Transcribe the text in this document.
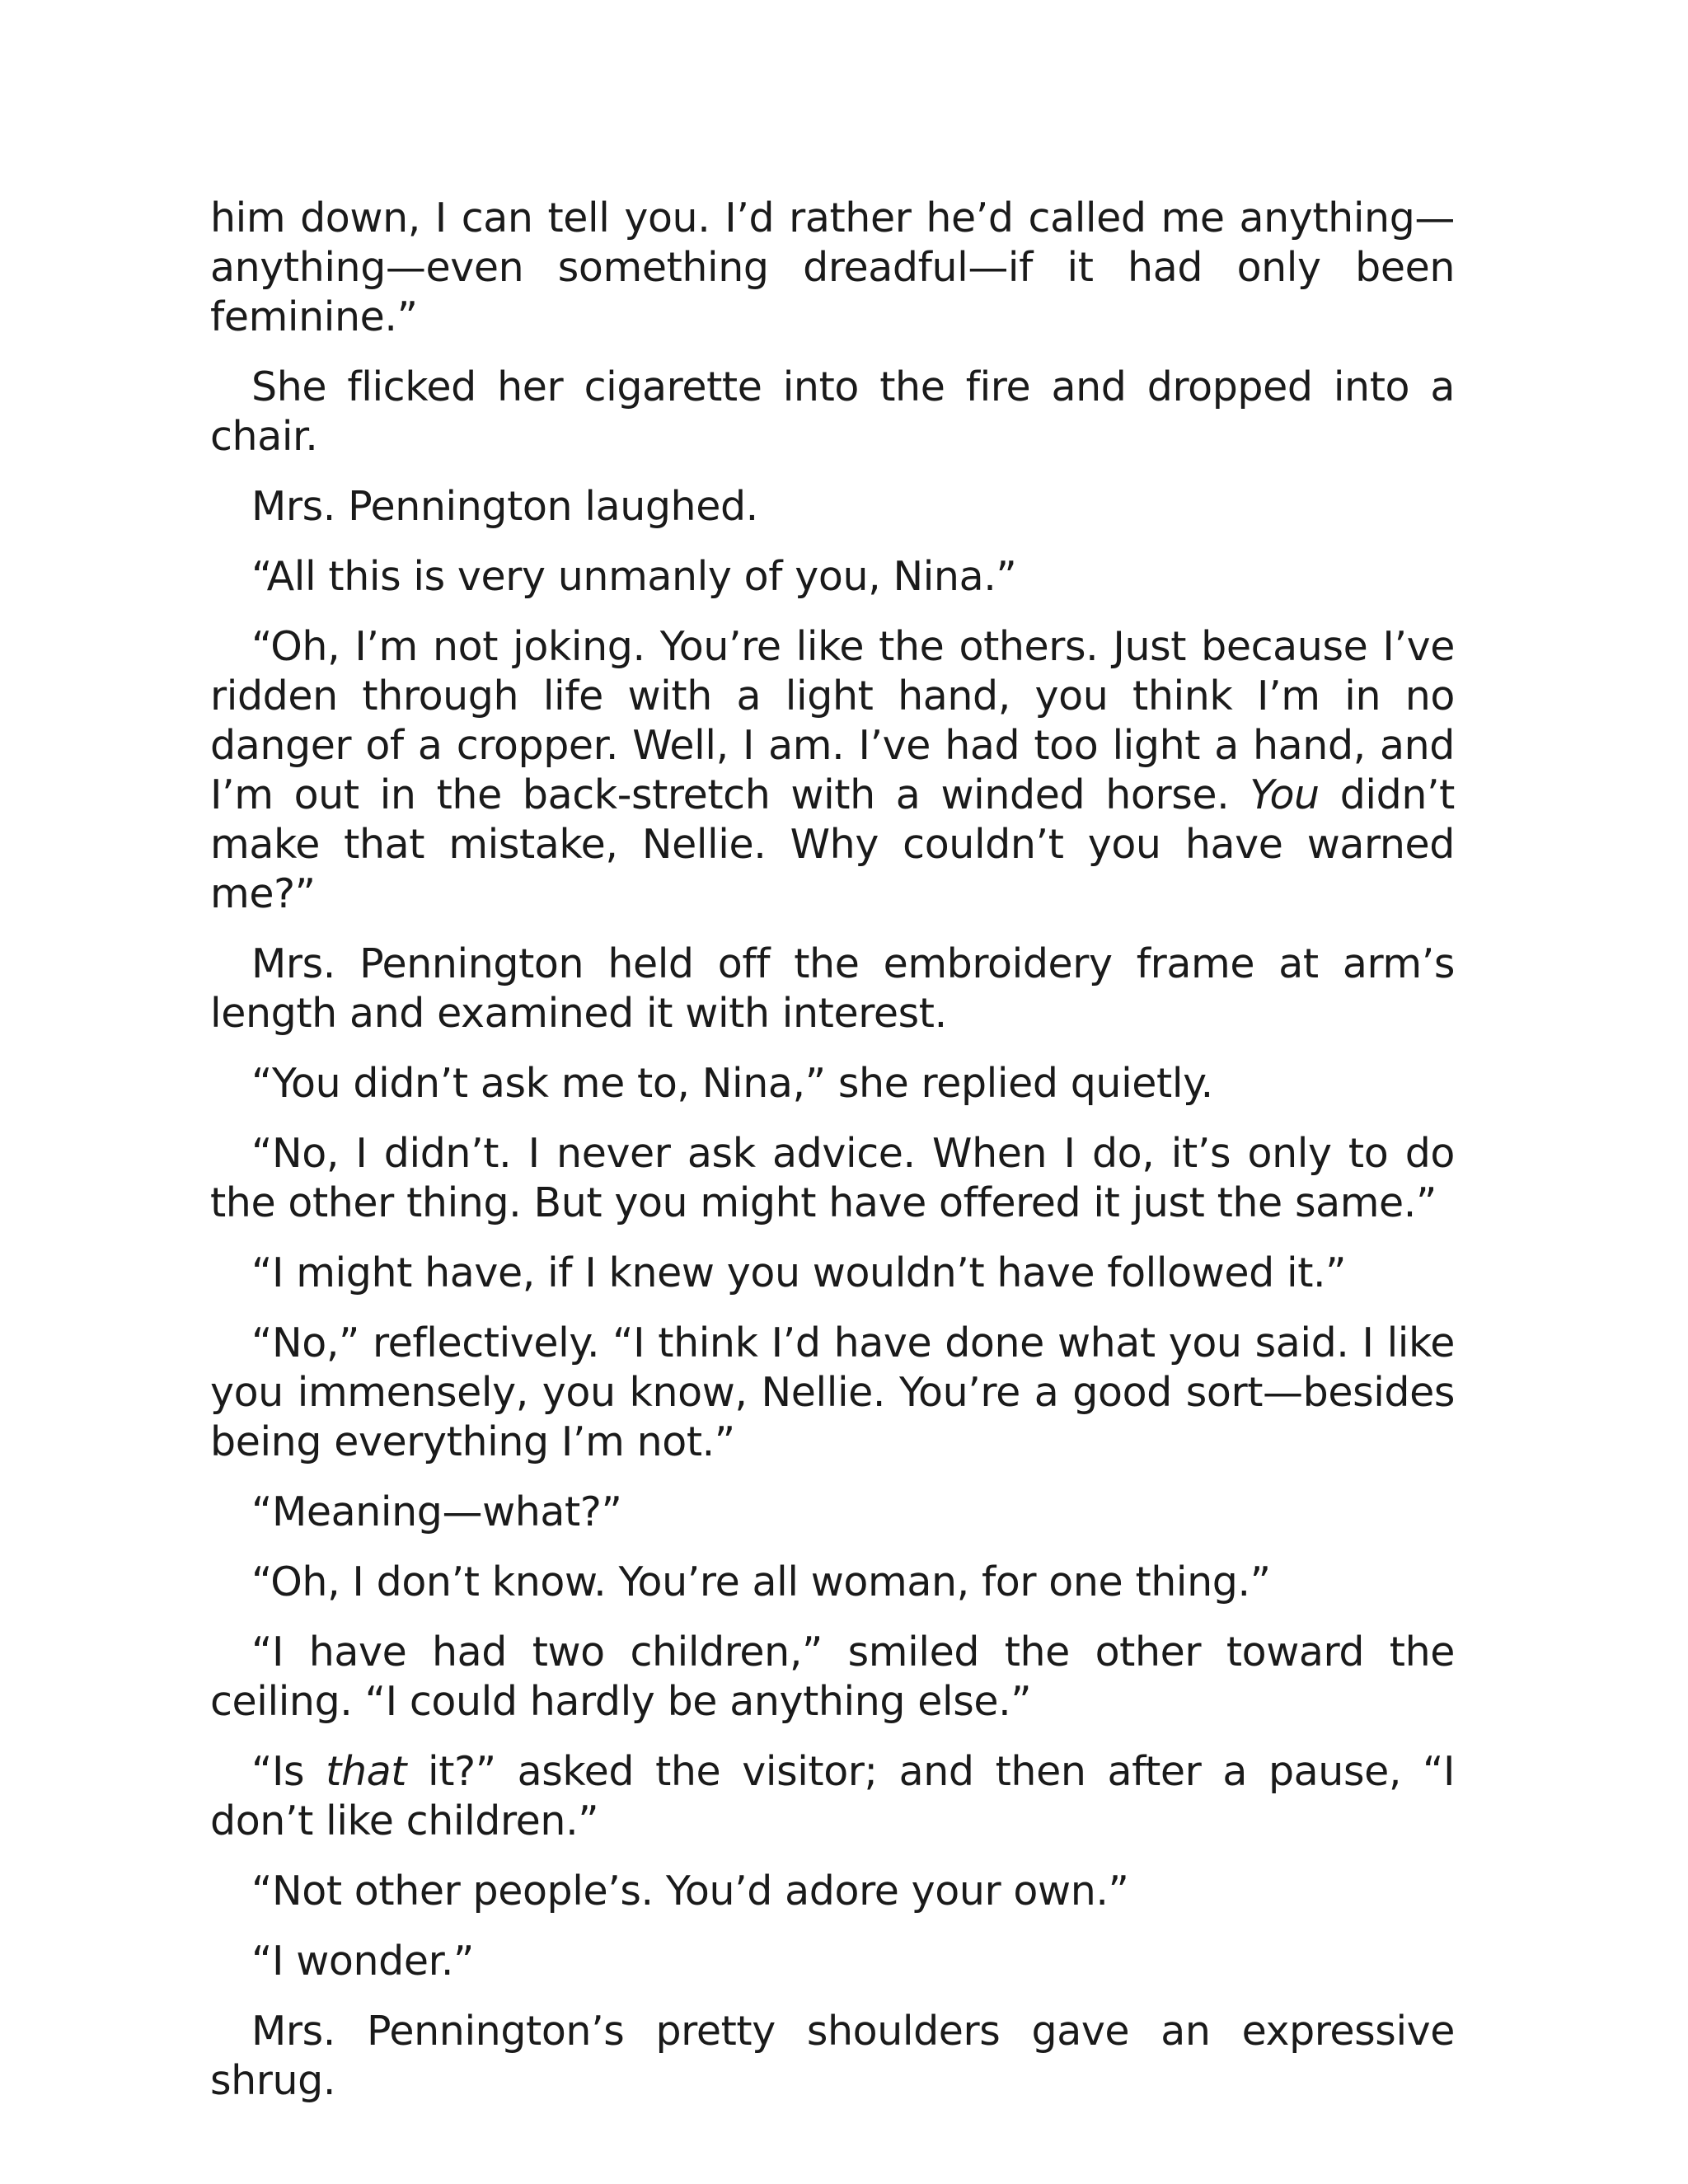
him down, I can tell you. I’d rather he’d called me anything—anything—even something dreadful—if it had only been feminine.”

She flicked her cigarette into the fire and dropped into a chair.

Mrs. Pennington laughed.

“All this is very unmanly of you, Nina.”

“Oh, I’m not joking. You’re like the others. Just because I’ve ridden through life with a light hand, you think I’m in no danger of a cropper. Well, I am. I’ve had too light a hand, and I’m out in the back-stretch with a winded horse. You didn’t make that mistake, Nellie. Why couldn’t you have warned me?”

Mrs. Pennington held off the embroidery frame at arm’s length and examined it with interest.

“You didn’t ask me to, Nina,” she replied quietly.

“No, I didn’t. I never ask advice. When I do, it’s only to do the other thing. But you might have offered it just the same.”

“I might have, if I knew you wouldn’t have followed it.”

“No,” reflectively. “I think I’d have done what you said. I like you immensely, you know, Nellie. You’re a good sort—besides being everything I’m not.”

“Meaning—what?”

“Oh, I don’t know. You’re all woman, for one thing.”

“I have had two children,” smiled the other toward the ceiling. “I could hardly be anything else.”

“Is that it?” asked the visitor; and then after a pause, “I don’t like children.”

“Not other people’s. You’d adore your own.”

“I wonder.”

Mrs. Pennington’s pretty shoulders gave an expressive shrug.
